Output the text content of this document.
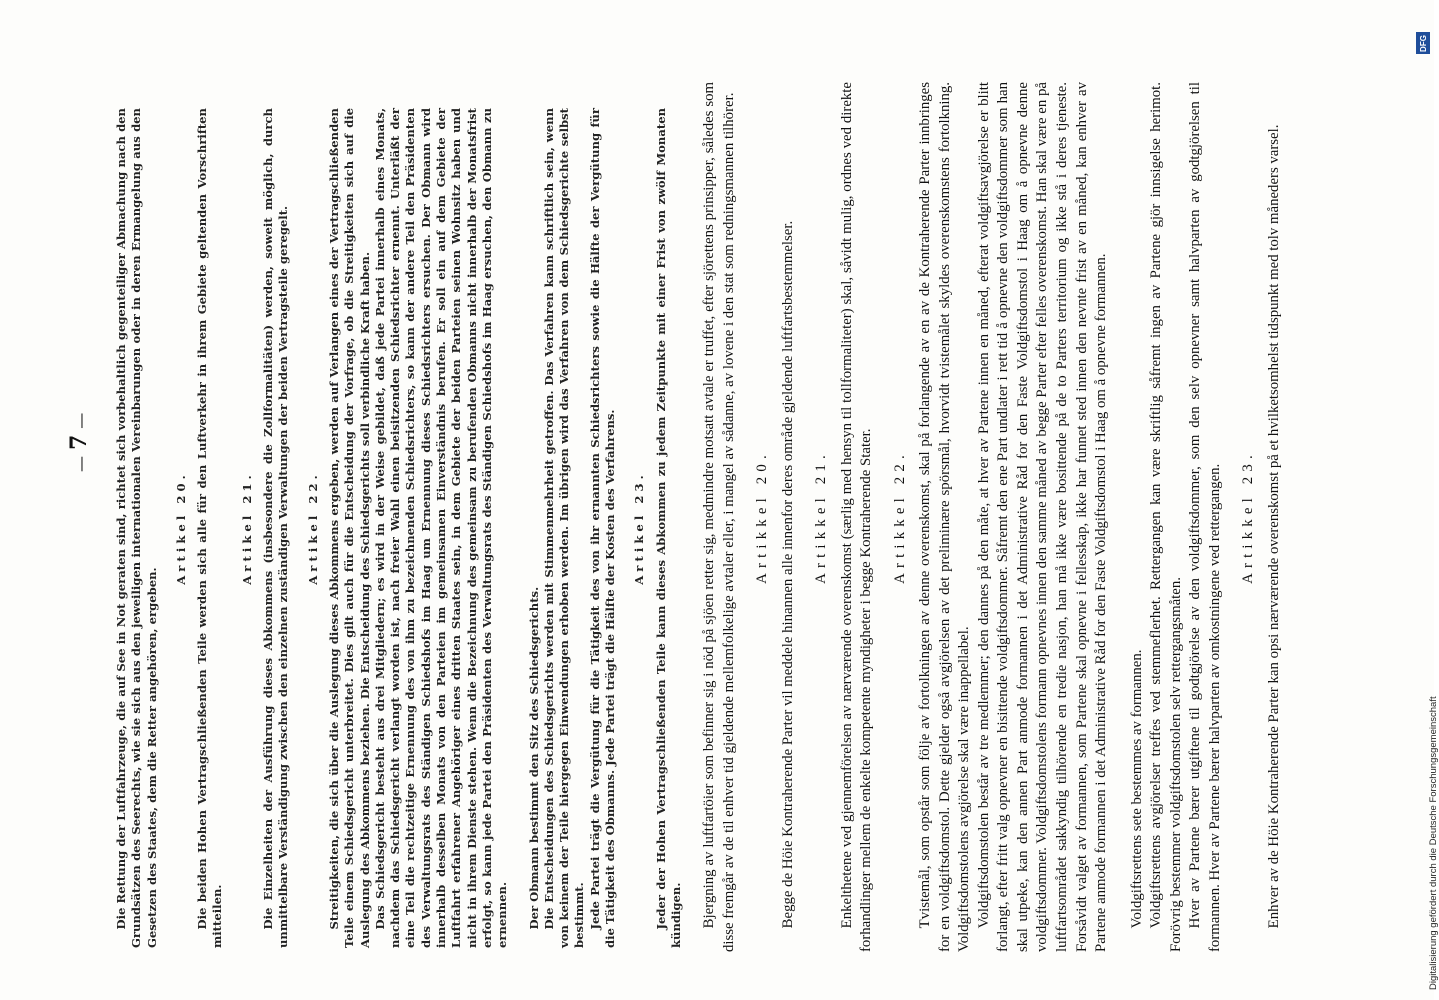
—7— Die Rettung der Luftfahrzeuge, die auf See in Not geraten sind, richtet sich vorbehaltlich gegenteiliger Abmachung nach den Grundsätzen des Seerechts, wie sie sich aus den jeweiligen internationalen Vereinbarungen oder in deren Ermangelung aus den Gesetzen des Staates, dem die Retter angehören, ergeben.

Artikel 20. Die beiden Hohen Vertragschließenden Teile werden sich alle für den Luftverkehr in ihrem Gebiete geltenden Vorschriften mitteilen.

Artikel 21. Die Einzelheiten der Ausführung dieses Abkommens (insbesondere die Zollformalitäten) werden, soweit möglich, durch unmittelbare Verständigung zwischen den einzelnen zuständigen Verwaltungen der beiden Vertragsteile geregelt. Artikel 22. Streitigkeiten, die sich über die Auslegung dieses Abkommens ergeben, werden auf Verlangen eines der Vertragschließenden Teile einem Schiedsgericht unterbreitet. Dies gilt auch für die Entscheidung der Vorfrage, ob die Streitigkeiten sich auf die Auslegung des Abkommens beziehen. Die Entscheidung des Schiedsgerichts soll verbindliche Kraft haben. Das Schiedsgericht besteht aus drei Mitgliedern; es wird in der Weise gebildet, daß jede Partei innerhalb eines Monats, nachdem das Schiedsgericht verlangt worden ist, nach freier Wahl einen beisitzenden Schiedsrichter ernennt. Unterläßt der eine Teil die rechtzeitige Ernennung des von ihm zu bezeichnenden Schiedsrichters, so kann der andere Teil den Präsidenten des Verwaltungsrats des Ständigen Schiedshofs im Haag um Ernennung dieses Schiedsrichters ersuchen. Der Obmann wird innerhalb desselben Monats von den Parteien im gemeinsamen Einverständnis berufen. Er soll ein auf dem Gebiete der Luftfahrt erfahrener Angehöriger eines dritten Staates sein, in dem Gebiete der beiden Parteien seinen Wohnsitz haben und nicht in ihrem Dienste stehen. Wenn die Bezeichnung des gemeinsam zu berufenden Obmanns nicht innerhalb der Monatsfrist erfolgt, so kann jede Partei den Präsidenten des Verwaltungsrats des Ständigen Schiedshofs im Haag ersuchen, den Obmann zu ernennen. Der Obmann bestimmt den Sitz des Schiedsgerichts. Die Entscheidungen des Schiedsgerichts werden mit Stimmenmehrheit getroffen. Das Verfahren kann schriftlich sein, wenn von keinem der Teile hiergegen Einwendungen erhoben werden. Im übrigen wird das Verfahren von dem Schiedsgerichte selbst bestimmt. Jede Partei trägt die Vergütung für die Tätigkeit des von ihr ernannten Schiedsrichters sowie die Hälfte der Vergütung für die Tätigkeit des Obmanns. Jede Partei trägt die Hälfte der Kosten des Verfahrens. Artikel 23. Jeder der Hohen Vertragschließenden Teile kann dieses Abkommen zu jedem Zeitpunkte mit einer Frist von zwölf Monaten kündigen.	Digitalisierung gefördert durch die Deutsche Forschungsgemeinschaft
DFG

Bjergning av luftfartöier som befinner sig i nöd på sjöen retter sig, medmindre motsatt avtale er truffet, efter sjörettens prinsipper, således som disse fremgår av de til enhver tid gjeldende mellemfolkelige avtaler eller, i mangel av sådanne, av lovene i den stat som redningsmannen tilhörer. Artikkel 20. Begge de Höie Kontraherende Parter vil meddele hinannen alle innenfor deres område gjeldende luftfartsbestemmelser. Artikkel 21. Enkelthetene ved gjennemförelsen av nærværende overenskomst (særlig med hensyn til tollformaliteter) skal, såvidt mulig, ordnes ved direkte forhandlinger mellem de enkelte kompetente myndigheter i begge Kontraherende Stater. Artikkel 22. Tvistemål, som opstår som följe av fortolkningen av denne overenskomst, skal på forlangende av en av de Kontraherende Parter innbringes for en voldgiftsdomstol. Dette gjelder også avgjörelsen av det preliminære spörsmål, hvorvidt tvistemålet skyldes overenskomstens fortolkning. Voldgiftsdomstolens avgjörelse skal være inappellabel. Voldgiftsdomstolen består av tre medlemmer; den dannes på den måte, at hver av Partene innen en måned, efterat voldgiftsavgjörelse er blitt forlangt, efter fritt valg opnevner en bisittende voldgiftsdommer. Såfremt den ene Part undlater i rett tid å opnevne den voldgiftsdommer som han skal utpeke, kan den annen Part anmode formannen i det Administrative Råd for den Faste Voldgiftsdomstol i Haag om å opnevne denne voldgiftsdommer. Voldgiftsdomstolens formann opnevnes innen den samme måned av begge Parter efter felles overenskomst. Han skal være en på luftfartsområdet sakkyndig tilhörende en tredie nasjon, han må ikke være bosittende på de to Parters territorium og ikke stå i deres tjeneste. Forsåvidt valget av formannen, som Partene skal opnevne i fellesskap, ikke har funnet sted innen den nevnte frist av en måned, kan enhver av Partene anmode formannen i det Administrative Råd for den Faste Voldgiftsdomstol i Haag om å opnevne formannen. Voldgiftsrettens sete bestemmes av formannen. Voldgiftsrettens avgjörelser treffes ved stemmeflerhet. Rettergangen kan være skriftlig såfremt ingen av Partene gjör innsigelse herimot. Forövrig bestemmer voldgiftsdomstolen selv rettergangsmåten. Hver av Partene bærer utgiftene til godtgjörelse av den voldgiftsdommer, som den selv opnevner samt halvparten av godtgjörelsen til formannen. Hver av Partene bærer halvparten av omkostningene ved rettergangen. Artikkel 23. Enhver av de Höie Kontraherende Parter kan opsi nærværende overenskomst på et hvilketsomhelst tidspunkt med tolv måneders varsel.
